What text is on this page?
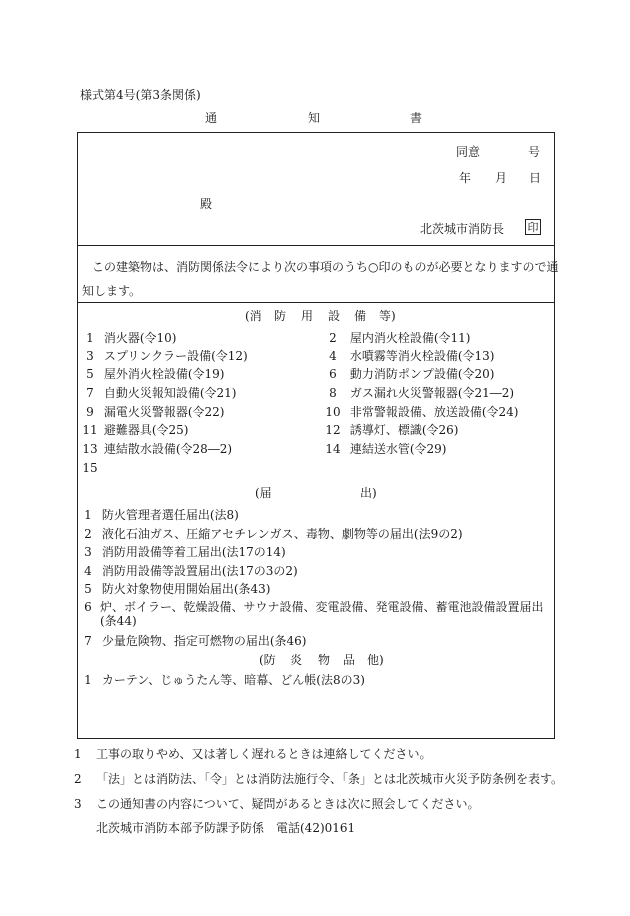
様式第4号(第3条関係)
通	知	書
同意	号
年 月 日
殿
北茨城市消防長 印
この建築物は、消防関係法令により次の事項のうち○印のものが必要となりますので通
知します。
(消 防 用 設 備 等)
1 消火器(令10)	2 屋内消火栓設備(令11)
3 スプリンクラー設備(令12)	4 水噴霧等消火栓設備(令13)
5 屋外消火栓設備(令19)	6 動力消防ポンプ設備(令20)
7 自動火災報知設備(令21)	8 ガス漏れ火災警報器(令21―2)
9 漏電火災警報器(令22)	10 非常警報設備、放送設備(令24)
11 避難器具(令25)	12 誘導灯、標識(令26)
13 連結散水設備(令28―2)	14 連結送水管(令29)
15
(届	出)
1 防火管理者選任届出(法8)
2 液化石油ガス、圧縮アセチレンガス、毒物、劇物等の届出(法9の2)
3 消防用設備等着工届出(法17の14)
4 消防用設備等設置届出(法17の3の2)
5 防火対象物使用開始届出(条43)
6 炉、ボイラー、乾燥設備、サウナ設備、変電設備、発電設備、蓄電池設備設置届出(条44)
7 少量危険物、指定可燃物の届出(条46)
(防 炎 物 品 他)
1 カーテン、じゅうたん等、暗幕、どん帳(法8の3)
1 工事の取りやめ、又は著しく遅れるときは連絡してください。
2 「法」とは消防法、「令」とは消防法施行令、「条」とは北茨城市火災予防条例を表す。
3 この通知書の内容について、疑問があるときは次に照会してください。
北茨城市消防本部予防課予防係　電話(42)0161
